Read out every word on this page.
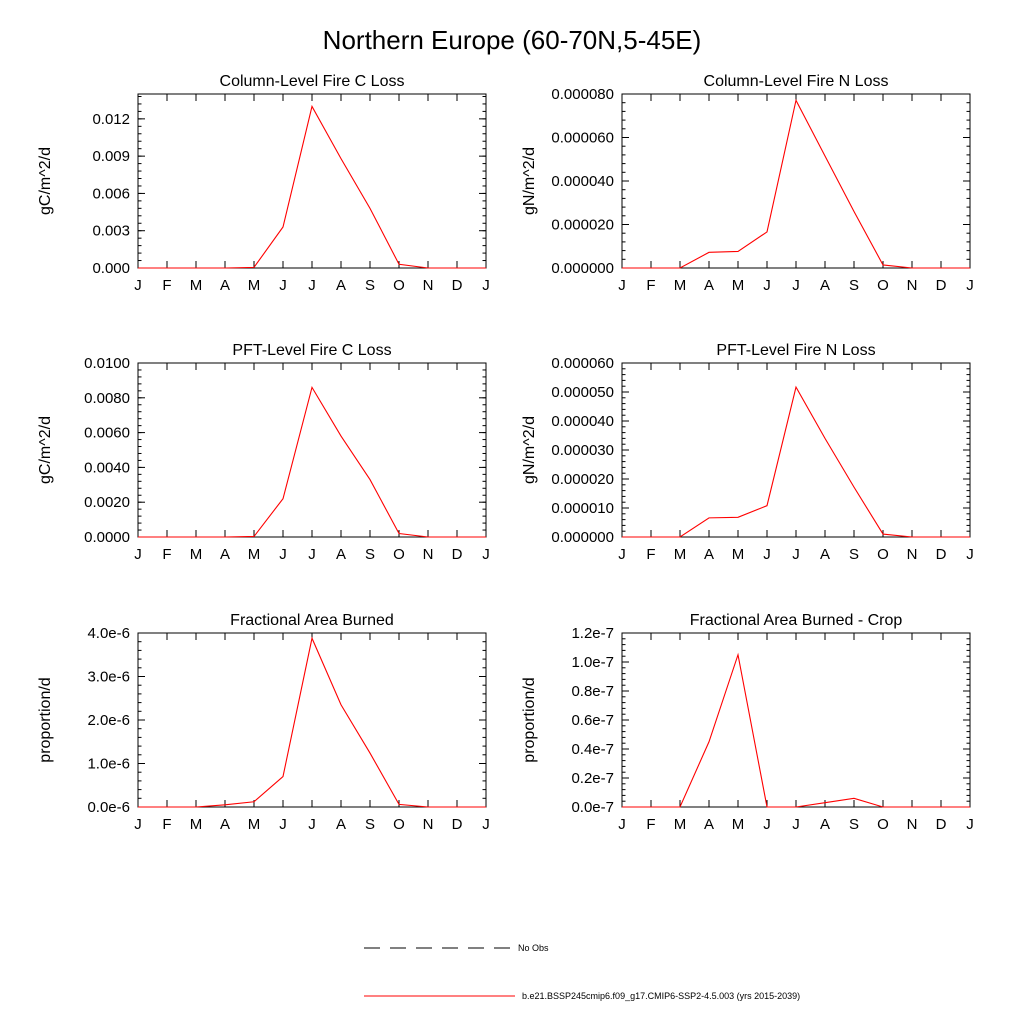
Northern Europe (60-70N,5-45E)
Column-Level Fire C Loss
gC/m^2/d
J F M A M J J A S O N D J
0.000
0.003
0.006
0.009
0.012
Column-Level Fire N Loss
gN/m^2/d
J F M A M J J A S O N D J
0.000000
0.000020
0.000040
0.000060
0.000080
PFT-Level Fire C Loss
gC/m^2/d
J F M A M J J A S O N D J
0.0000
0.0020
0.0040
0.0060
0.0080
0.0100
PFT-Level Fire N Loss
gN/m^2/d
J F M A M J J A S O N D J
0.000000
0.000010
0.000020
0.000030
0.000040
0.000050
0.000060
Fractional Area Burned
proportion/d
J F M A M J J A S O N D J
0.0e-6
1.0e-6
2.0e-6
3.0e-6
4.0e-6
Fractional Area Burned - Crop
proportion/d
J F M A M J J A S O N D J
0.0e-7
0.2e-7
0.4e-7
0.6e-7
0.8e-7
1.0e-7
1.2e-7
No Obs
b.e21.BSSP245cmip6.f09_g17.CMIP6-SSP2-4.5.003 (yrs 2015-2039)
